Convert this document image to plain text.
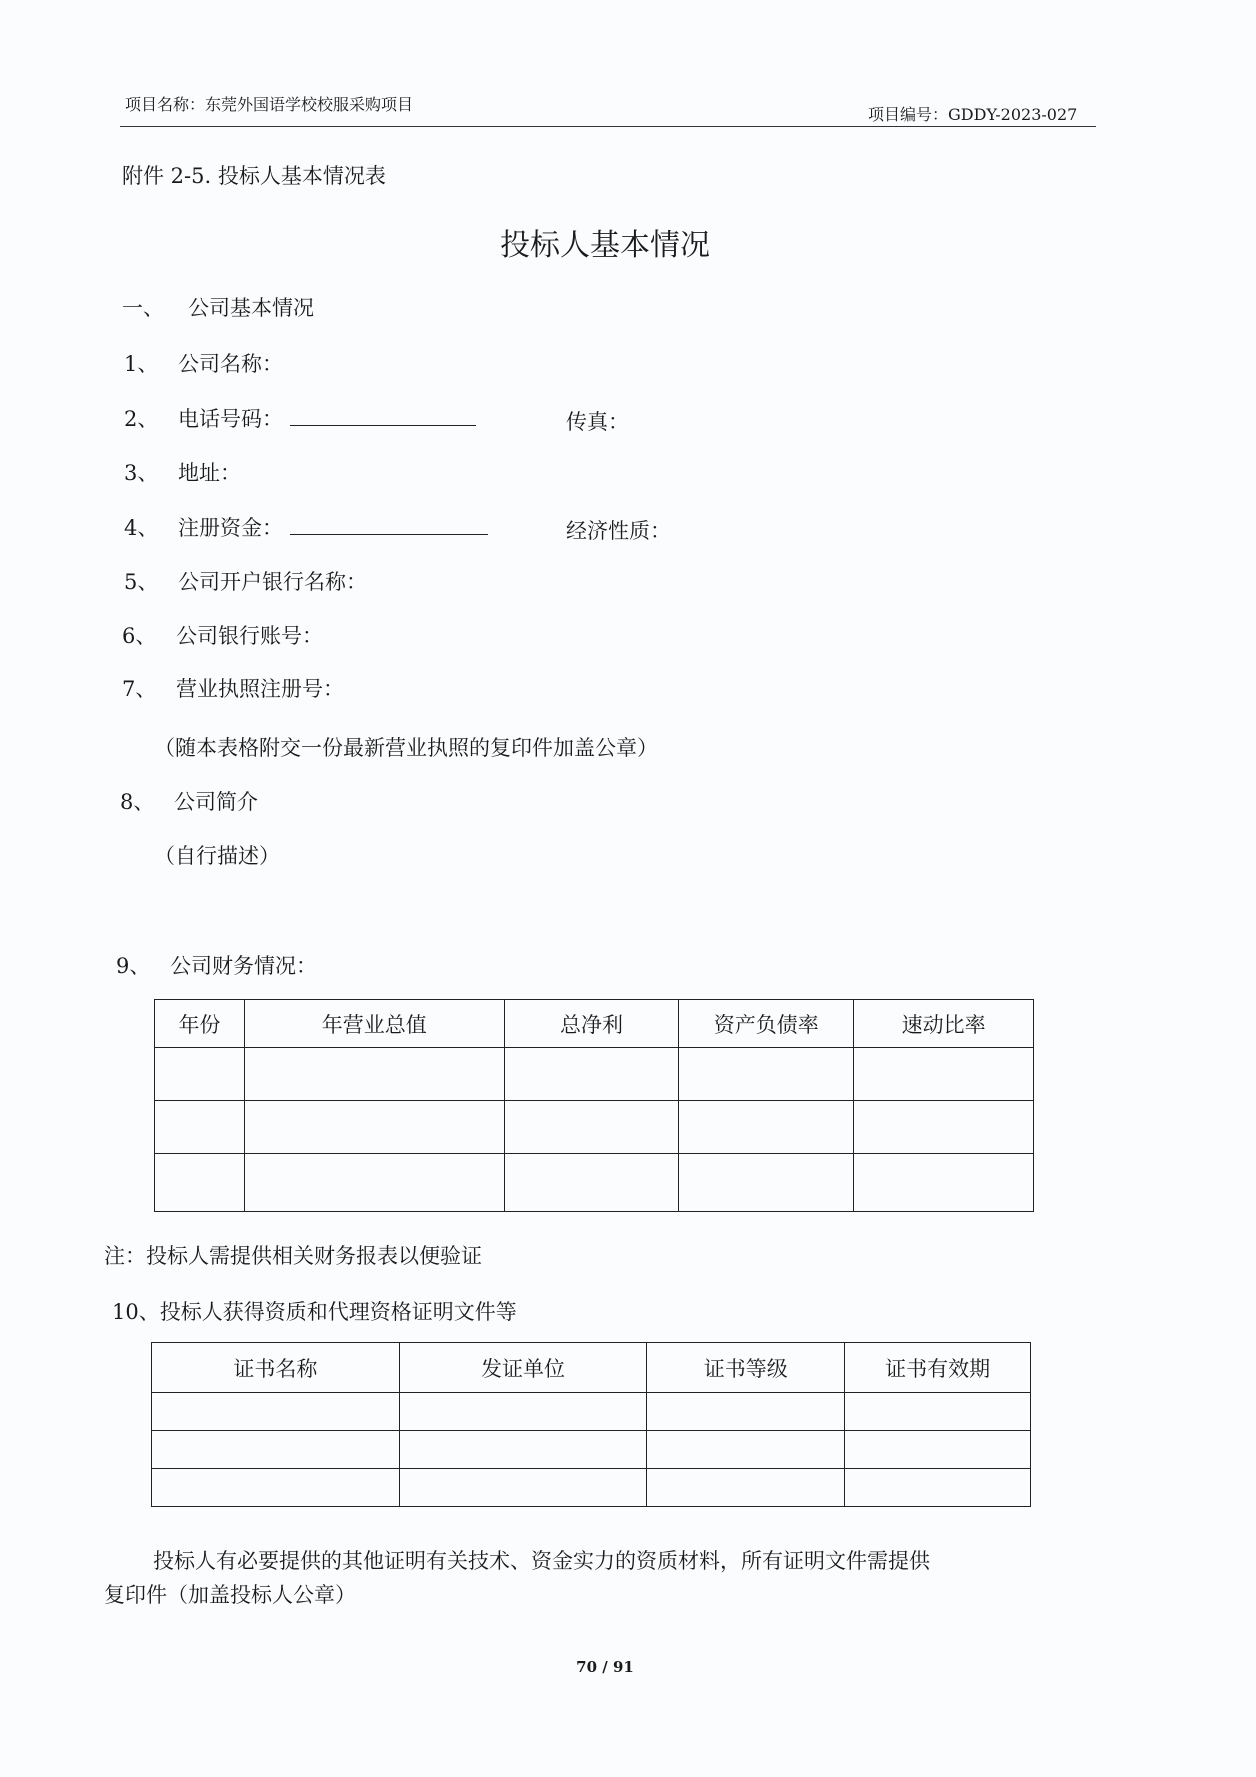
项目名称：东莞外国语学校校服采购项目
项目编号：GDDY-2023-027
附件 2-5. 投标人基本情况表
投标人基本情况
一、 公司基本情况
1、 公司名称：
2、 电话号码：	传真：
3、 地址：
4、 注册资金：	经济性质：
5、 公司开户银行名称：
6、 公司银行账号：
7、 营业执照注册号：
（随本表格附交一份最新营业执照的复印件加盖公章）
8、 公司简介
（自行描述）
9、 公司财务情况：
年份	年营业总值	总净利	资产负债率	速动比率

注：投标人需提供相关财务报表以便验证
10、投标人获得资质和代理资格证明文件等
证书名称	发证单位	证书等级	证书有效期

投标人有必要提供的其他证明有关技术、资金实力的资质材料，所有证明文件需提供
复印件（加盖投标人公章）
70 / 91
